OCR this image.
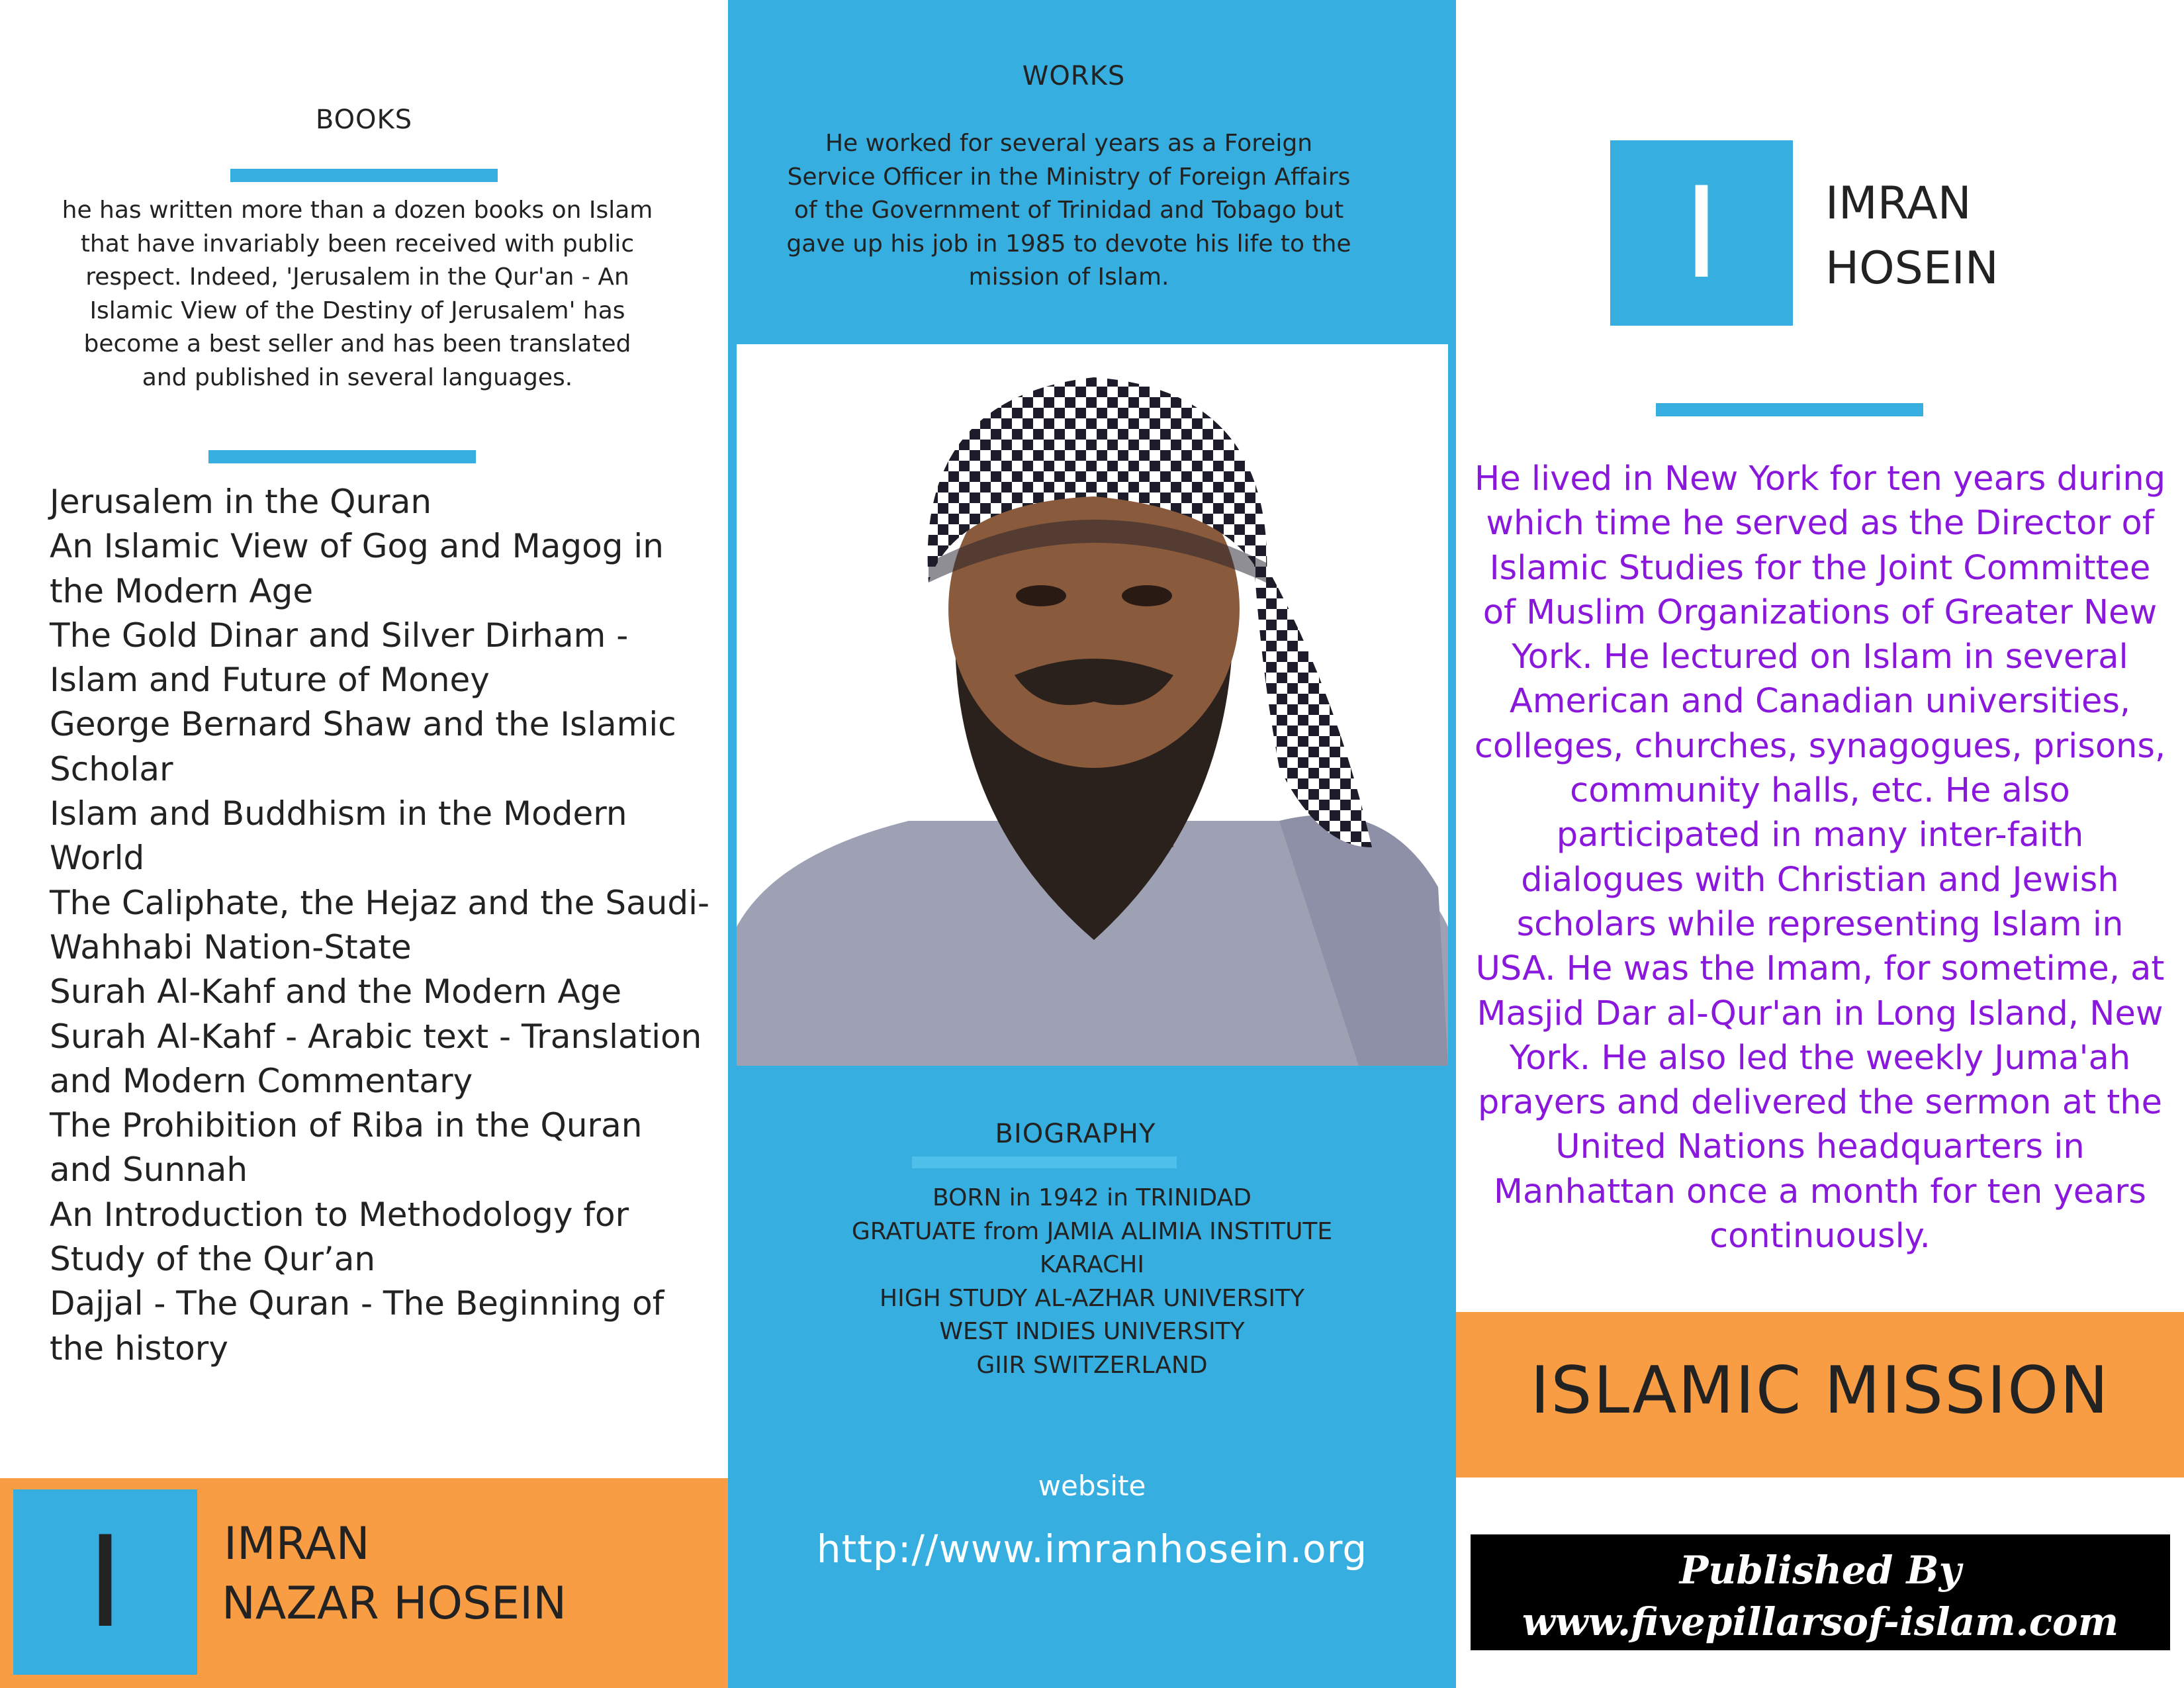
BOOKS
he has written more than a dozen books on Islam that have invariably been received with public respect. Indeed, 'Jerusalem in the Qur'an - An Islamic View of the Destiny of Jerusalem' has become a best seller and has been translated and published in several languages.
Jerusalem in the Quran
An Islamic View of Gog and Magog in the Modern Age
The Gold Dinar and Silver Dirham - Islam and Future of Money
George Bernard Shaw and the Islamic Scholar
Islam and Buddhism in the Modern World
The Caliphate, the Hejaz and the Saudi-Wahhabi Nation-State
Surah Al-Kahf and the Modern Age
Surah Al-Kahf - Arabic text - Translation and Modern Commentary
The Prohibition of Riba in the Quran and Sunnah
An Introduction to Methodology for Study of the Qur’an
Dajjal - The Quran - The Beginning of the history
I	IMRAN
NAZAR HOSEIN
WORKS
He worked for several years as a Foreign Service Officer in the Ministry of Foreign Affairs of the Government of Trinidad and Tobago but gave up his job in 1985 to devote his life to the mission of Islam.
BIOGRAPHY
BORN in 1942 in TRINIDAD
GRATUATE from JAMIA ALIMIA INSTITUTE
KARACHI
HIGH STUDY AL-AZHAR UNIVERSITY
WEST INDIES UNIVERSITY
GIIR SWITZERLAND
website
http://www.imranhosein.org
I	IMRAN
HOSEIN
He lived in New York for ten years during which time he served as the Director of Islamic Studies for the Joint Committee of Muslim Organizations of Greater New York. He lectured on Islam in several American and Canadian universities, colleges, churches, synagogues, prisons, community halls, etc. He also participated in many inter-faith dialogues with Christian and Jewish scholars while representing Islam in USA. He was the Imam, for sometime, at Masjid Dar al-Qur'an in Long Island, New York. He also led the weekly Juma'ah prayers and delivered the sermon at the United Nations headquarters in Manhattan once a month for ten years continuously.
ISLAMIC MISSION
Published By
www.fivepillarsof-islam.com
